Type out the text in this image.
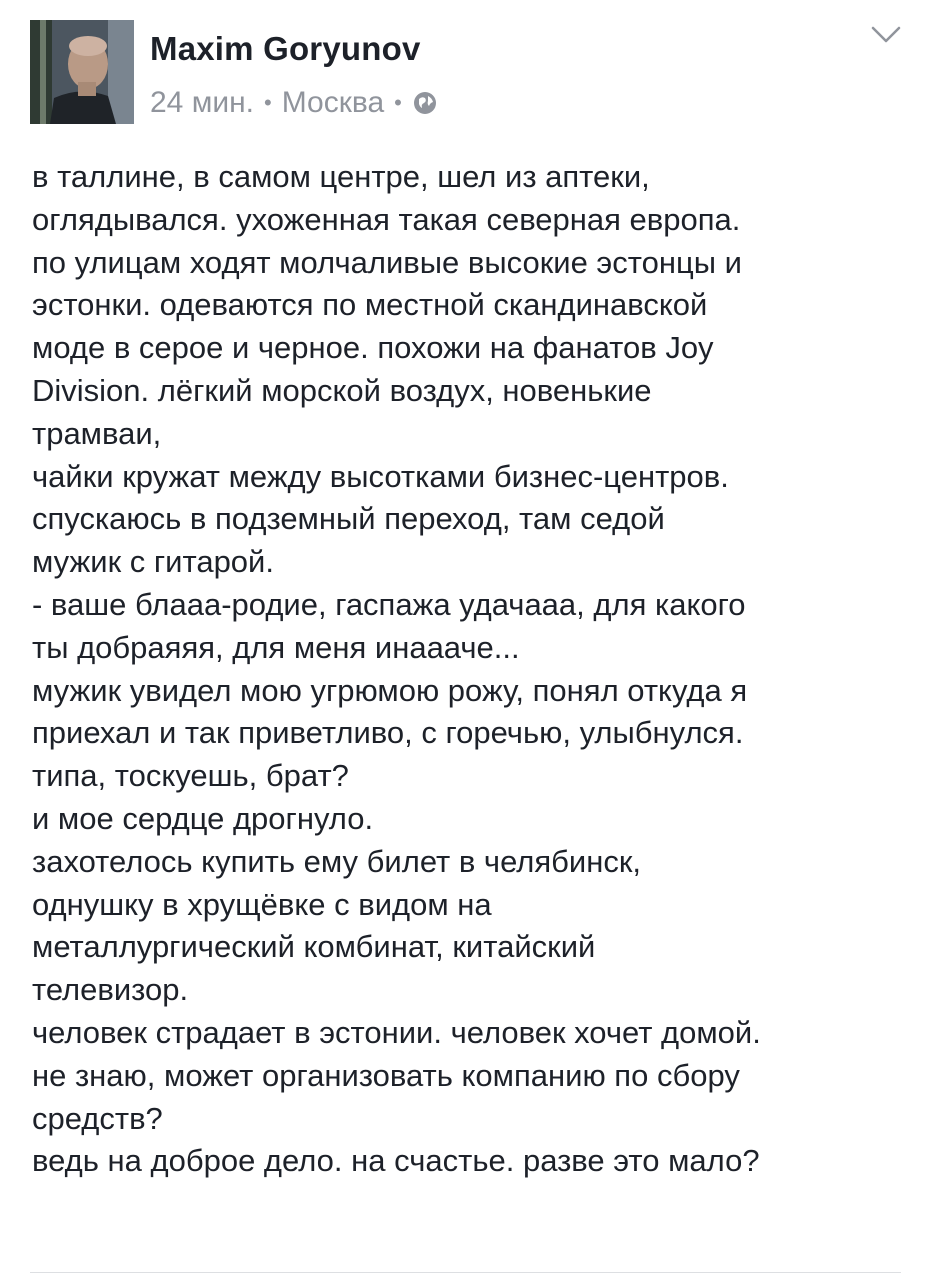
Maxim Goryunov
24 мин. • Москва •
в таллине, в самом центре, шел из аптеки,
оглядывался. ухоженная такая северная европа.
по улицам ходят молчаливые высокие эстонцы и
эстонки. одеваются по местной скандинавской
моде в серое и черное. похожи на фанатов Joy
Division. лёгкий морской воздух, новенькие
трамваи,
чайки кружат между высотками бизнес-центров.
спускаюсь в подземный переход, там седой
мужик с гитарой.
- ваше блааа-родие, гаспажа удачааа, для какого
ты добраяяя, для меня инаааче...
мужик увидел мою угрюмою рожу, понял откуда я
приехал и так приветливо, с горечью, улыбнулся.
типа, тоскуешь, брат?
и мое сердце дрогнуло.
захотелось купить ему билет в челябинск,
однушку в хрущёвке с видом на
металлургический комбинат, китайский
телевизор.
человек страдает в эстонии. человек хочет домой.
не знаю, может организовать компанию по сбору
средств?
ведь на доброе дело. на счастье. разве это мало?
